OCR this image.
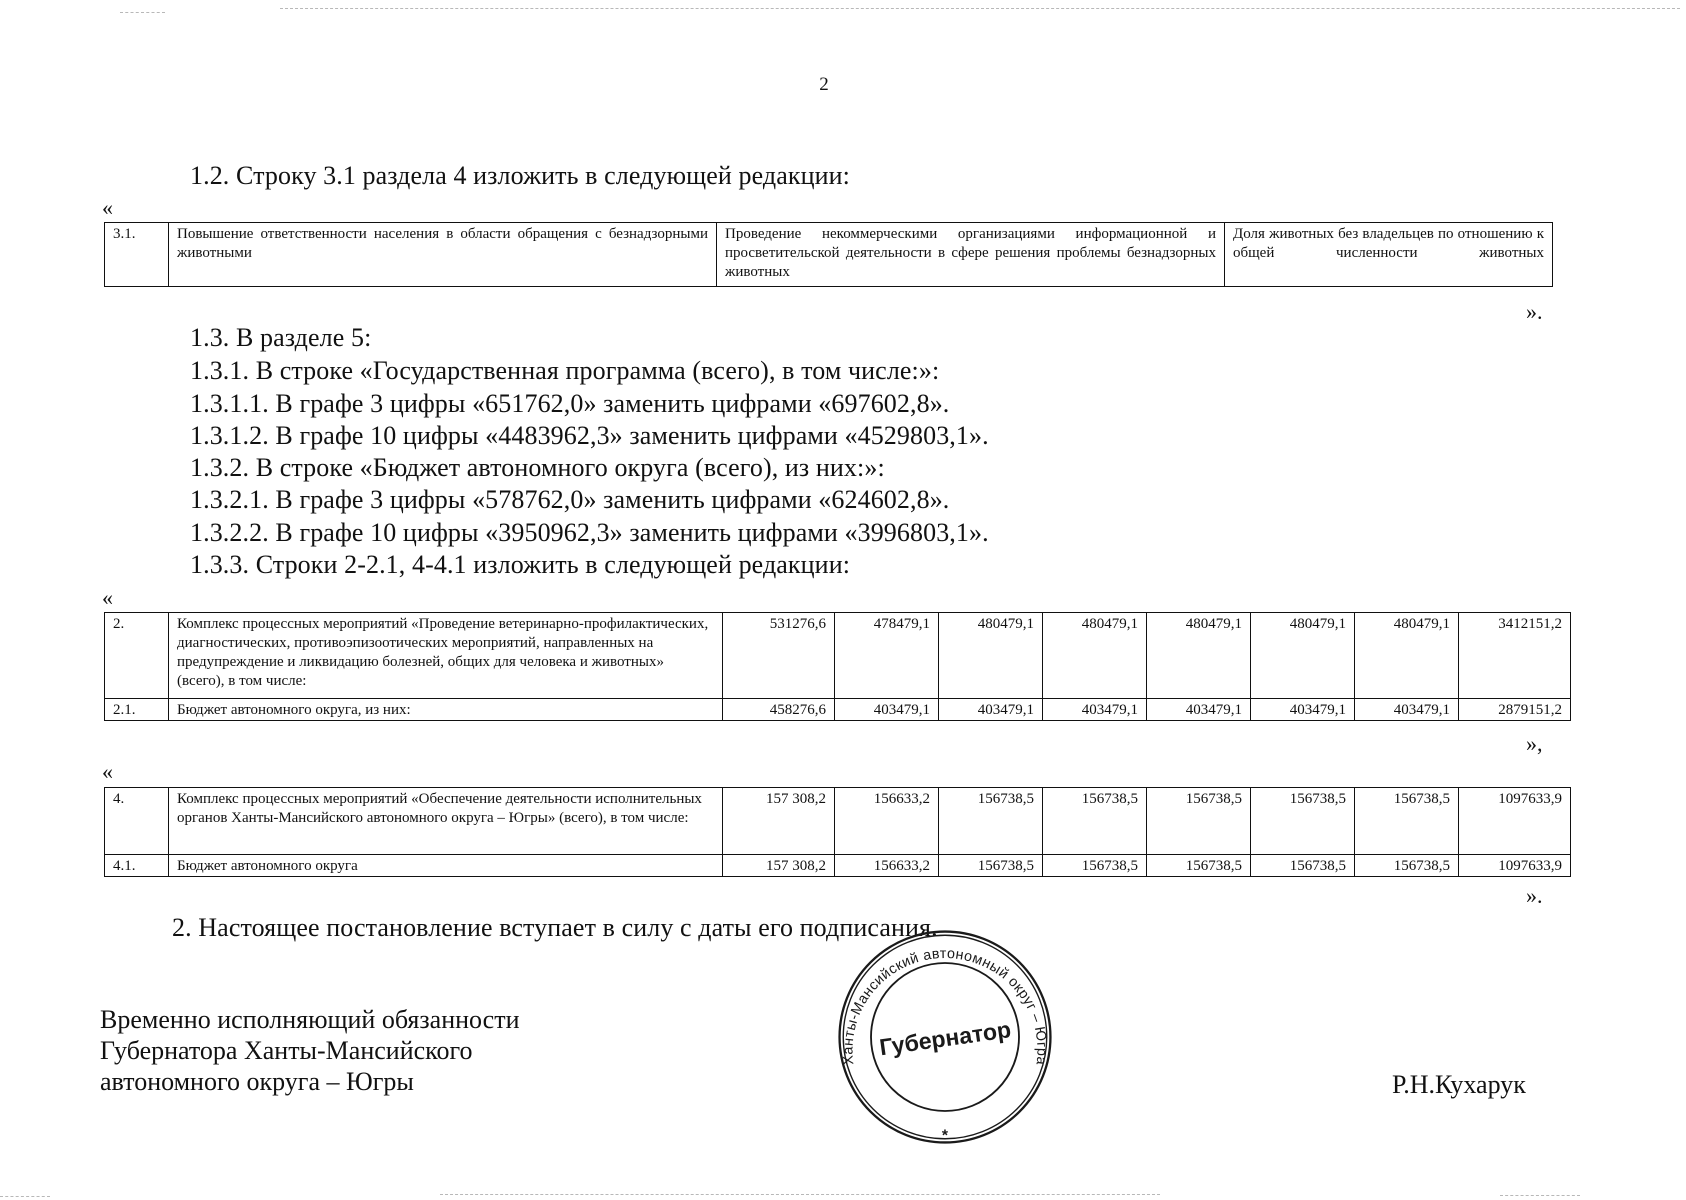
2
1.2. Строку 3.1 раздела 4 изложить в следующей редакции:
«
3.1.	Повышение ответственности населения в области обращения с безнадзорными животными	Проведение некоммерческими организациями информационной и просветительской деятельности в сфере решения проблемы безнадзорных животных	Доля животных без владельцев по отношению к общей численности животных
».
1.3. В разделе 5:
1.3.1. В строке «Государственная программа (всего), в том числе:»:
1.3.1.1. В графе 3 цифры «651762,0» заменить цифрами «697602,8».
1.3.1.2. В графе 10 цифры «4483962,3» заменить цифрами «4529803,1».
1.3.2. В строке «Бюджет автономного округа (всего), из них:»:
1.3.2.1. В графе 3 цифры «578762,0» заменить цифрами «624602,8».
1.3.2.2. В графе 10 цифры «3950962,3» заменить цифрами «3996803,1».
1.3.3. Строки 2-2.1, 4-4.1 изложить в следующей редакции:
«
2.	Комплекс процессных мероприятий «Проведение ветеринарно-профилактических, диагностических, противоэпизоотических мероприятий, направленных на предупреждение и ликвидацию болезней, общих для человека и животных» (всего), в том числе:	531276,6	478479,1	480479,1	480479,1	480479,1	480479,1	480479,1	3412151,2
2.1.	Бюджет автономного округа, из них:	458276,6	403479,1	403479,1	403479,1	403479,1	403479,1	403479,1	2879151,2
»,
«
4.	Комплекс процессных мероприятий «Обеспечение деятельности исполнительных органов Ханты-Мансийского автономного округа – Югры» (всего), в том числе:	157 308,2	156633,2	156738,5	156738,5	156738,5	156738,5	156738,5	1097633,9
4.1.	Бюджет автономного округа	157 308,2	156633,2	156738,5	156738,5	156738,5	156738,5	156738,5	1097633,9
».
2. Настоящее постановление вступает в силу с даты его подписания.
Временно исполняющий обязанности
Губернатора Ханты-Мансийского
автономного округа – Югры	Р.Н.Кухарук
Ханты-Мансийский автономный округ – Югра
Губернатор
*
